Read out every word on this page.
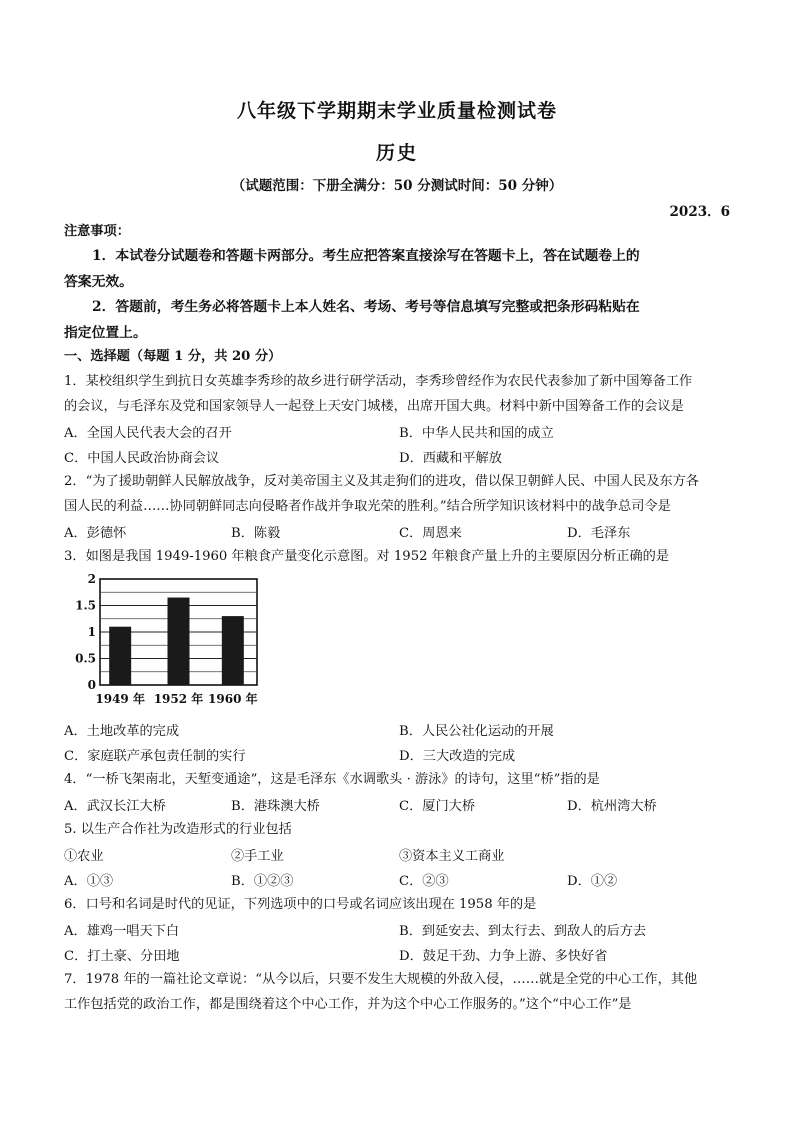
八年级下学期期末学业质量检测试卷
历史
（试题范围：下册全满分：50 分测试时间：50 分钟）
2023．6
注意事项：
1．本试卷分试题卷和答题卡两部分。考生应把答案直接涂写在答题卡上，答在试题卷上的
答案无效。
2．答题前，考生务必将答题卡上本人姓名、考场、考号等信息填写完整或把条形码粘贴在
指定位置上。
一、选择题（每题 1 分，共 20 分）
1．某校组织学生到抗日女英雄李秀珍的故乡进行研学活动，李秀珍曾经作为农民代表参加了新中国筹备工作
的会议，与毛泽东及党和国家领导人一起登上天安门城楼，出席开国大典。材料中新中国筹备工作的会议是
A．全国人民代表大会的召开	B．中华人民共和国的成立
C．中国人民政治协商会议	D．西藏和平解放
2．“为了援助朝鲜人民解放战争，反对美帝国主义及其走狗们的进攻，借以保卫朝鲜人民、中国人民及东方各
国人民的利益……协同朝鲜同志向侵略者作战并争取光荣的胜利。”结合所学知识该材料中的战争总司令是
A．彭德怀	B．陈毅	C．周恩来	D．毛泽东
3．如图是我国 1949-1960 年粮食产量变化示意图。对 1952 年粮食产量上升的主要原因分析正确的是
0
0.5
1
1.5
2
1949 年 1952 年 1960 年
A．土地改革的完成	B．人民公社化运动的开展
C．家庭联产承包责任制的实行	D．三大改造的完成
4．“一桥飞架南北，天堑变通途”，这是毛泽东《水调歌头 · 游泳》的诗句，这里“桥”指的是
A．武汉长江大桥	B．港珠澳大桥	C．厦门大桥	D．杭州湾大桥
5. 以生产合作社为改造形式的行业包括
①农业	②手工业	③资本主义工商业
A．①③	B．①②③	C．②③	D．①②
6．口号和名词是时代的见证，下列选项中的口号或名词应该出现在 1958 年的是
A．雄鸡一唱天下白	B．到延安去、到太行去、到敌人的后方去
C．打土豪、分田地	D．鼓足干劲、力争上游、多快好省
7．1978 年的一篇社论文章说：“从今以后，只要不发生大规模的外敌入侵，……就是全党的中心工作，其他
工作包括党的政治工作，都是围绕着这个中心工作，并为这个中心工作服务的。”这个“中心工作”是
